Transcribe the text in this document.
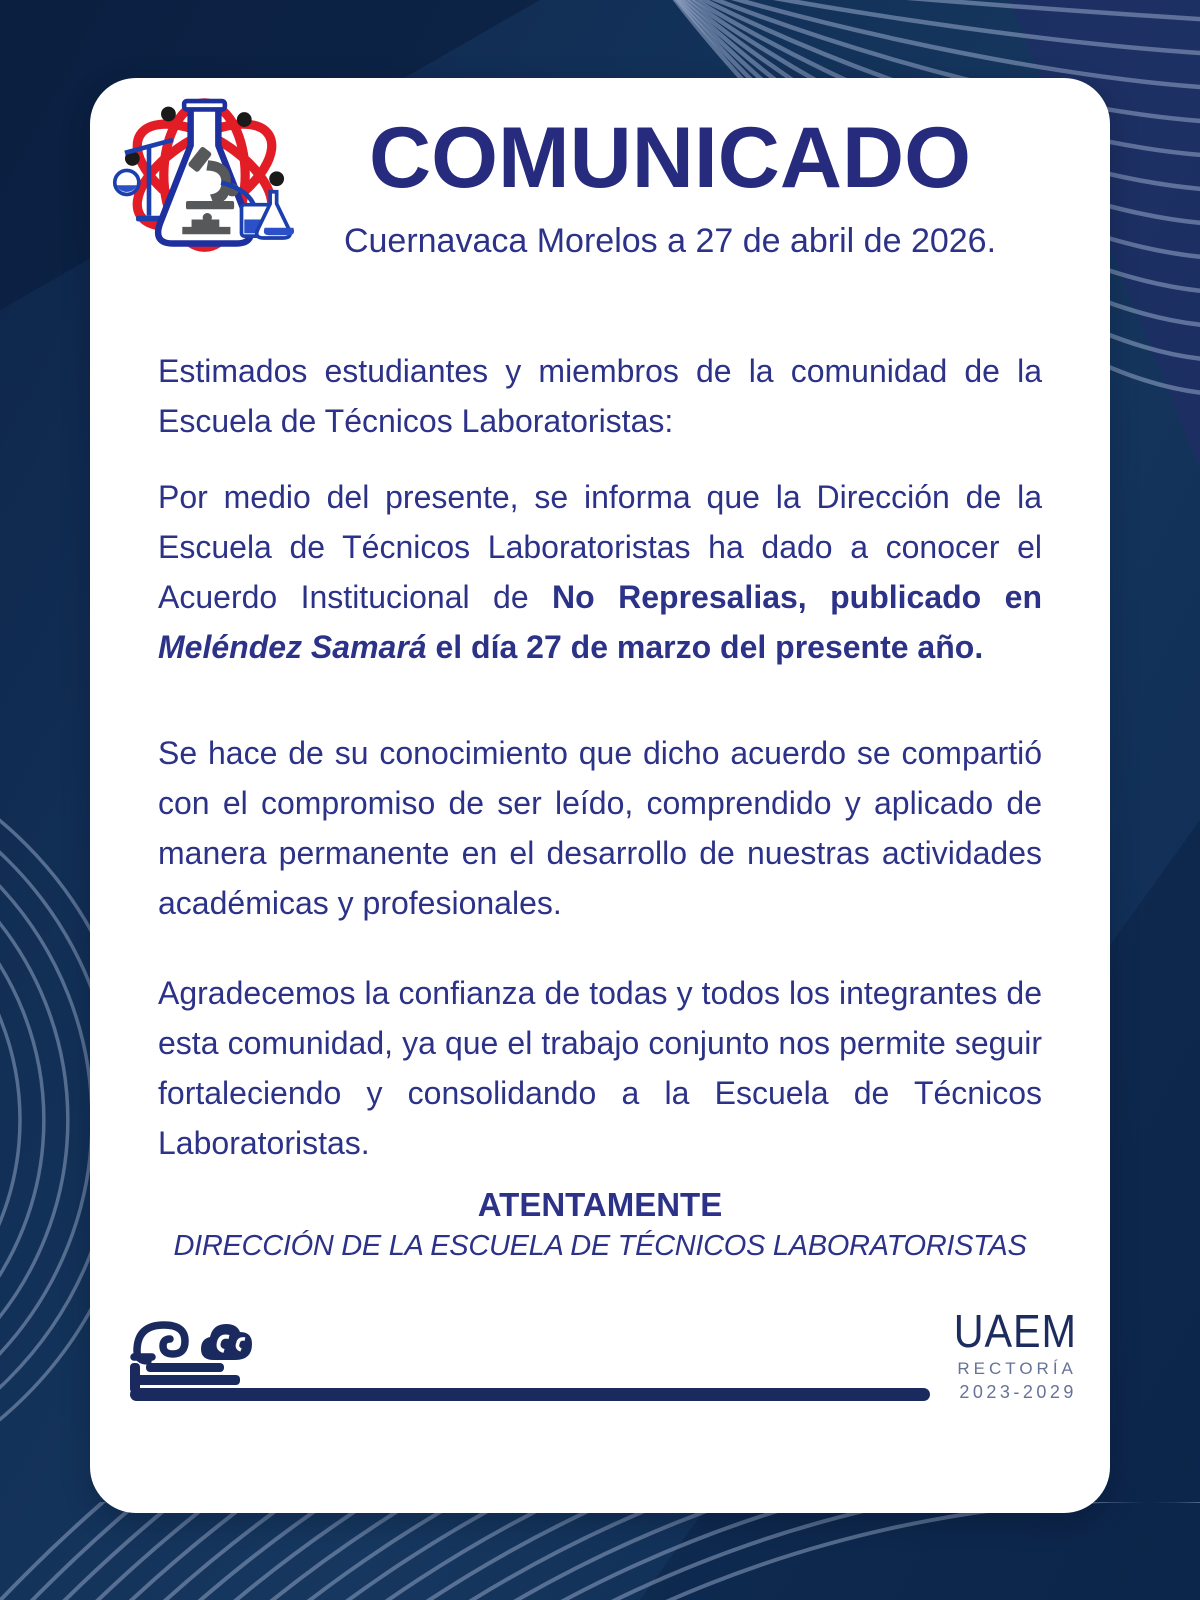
COMUNICADO
Cuernavaca Morelos a 27 de abril de 2026.

Estimados estudiantes y miembros de la comunidad de la Escuela de Técnicos Laboratoristas:

Por medio del presente, se informa que la Dirección de la Escuela de Técnicos Laboratoristas ha dado a conocer el Acuerdo Institucional de No Represalias, publicado en Meléndez Samará el día 27 de marzo del presente año.

Se hace de su conocimiento que dicho acuerdo se compartió con el compromiso de ser leído, comprendido y aplicado de manera permanente en el desarrollo de nuestras actividades académicas y profesionales.

Agradecemos la confianza de todas y todos los integrantes de esta comunidad, ya que el trabajo conjunto nos permite seguir fortaleciendo y consolidando a la Escuela de Técnicos Laboratoristas.

ATENTAMENTE
DIRECCIÓN DE LA ESCUELA DE TÉCNICOS LABORATORISTAS
UAEM
RECTORÍA
2023-2029
